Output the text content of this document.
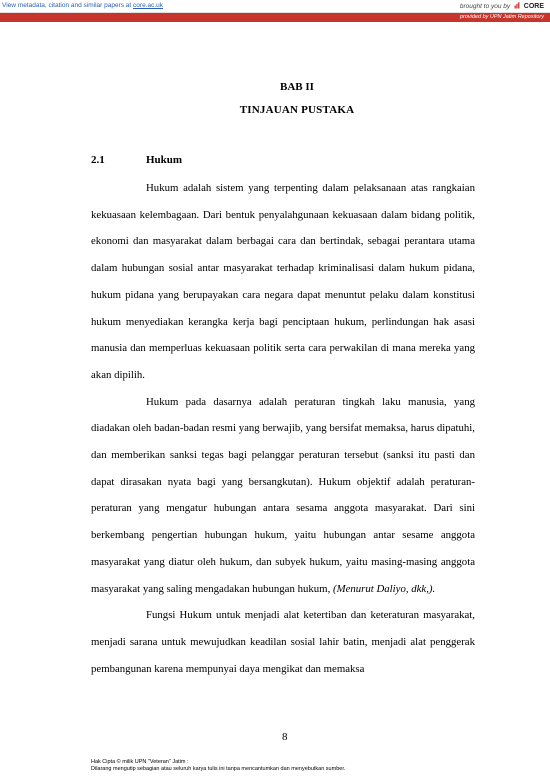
View metadata, citation and similar papers at core.ac.uk	brought to you by CORE
provided by UPN Jatim Repository
BAB II
TINJAUAN PUSTAKA
2.1	Hukum

Hukum adalah sistem yang terpenting dalam pelaksanaan atas rangkaian kekuasaan kelembagaan. Dari bentuk penyalahgunaan kekuasaan dalam bidang politik, ekonomi dan masyarakat dalam berbagai cara dan bertindak, sebagai perantara utama dalam hubungan sosial antar masyarakat terhadap kriminalisasi dalam hukum pidana, hukum pidana yang berupayakan cara negara dapat menuntut pelaku dalam konstitusi hukum menyediakan kerangka kerja bagi penciptaan hukum, perlindungan hak asasi manusia dan memperluas kekuasaan politik serta cara perwakilan di mana mereka yang akan dipilih.

Hukum pada dasarnya adalah peraturan tingkah laku manusia, yang diadakan oleh badan-badan resmi yang berwajib, yang bersifat memaksa, harus dipatuhi, dan memberikan sanksi tegas bagi pelanggar peraturan tersebut (sanksi itu pasti dan dapat dirasakan nyata bagi yang bersangkutan). Hukum objektif adalah peraturan-peraturan yang mengatur hubungan antara sesama anggota masyarakat. Dari sini berkembang pengertian hubungan hukum, yaitu hubungan antar sesame anggota masyarakat yang diatur oleh hukum, dan subyek hukum, yaitu masing-masing anggota masyarakat yang saling mengadakan hubungan hukum, (Menurut Daliyo, dkk,).

Fungsi Hukum untuk menjadi alat ketertiban dan keteraturan masyarakat, menjadi sarana untuk mewujudkan keadilan sosial lahir batin, menjadi alat penggerak pembangunan karena mempunyai daya mengikat dan memaksa

8
Hak Cipta © milik UPN "Veteran" Jatim :
Dilarang mengutip sebagian atau seluruh karya tulis ini tanpa mencantumkan dan menyebutkan sumber.
